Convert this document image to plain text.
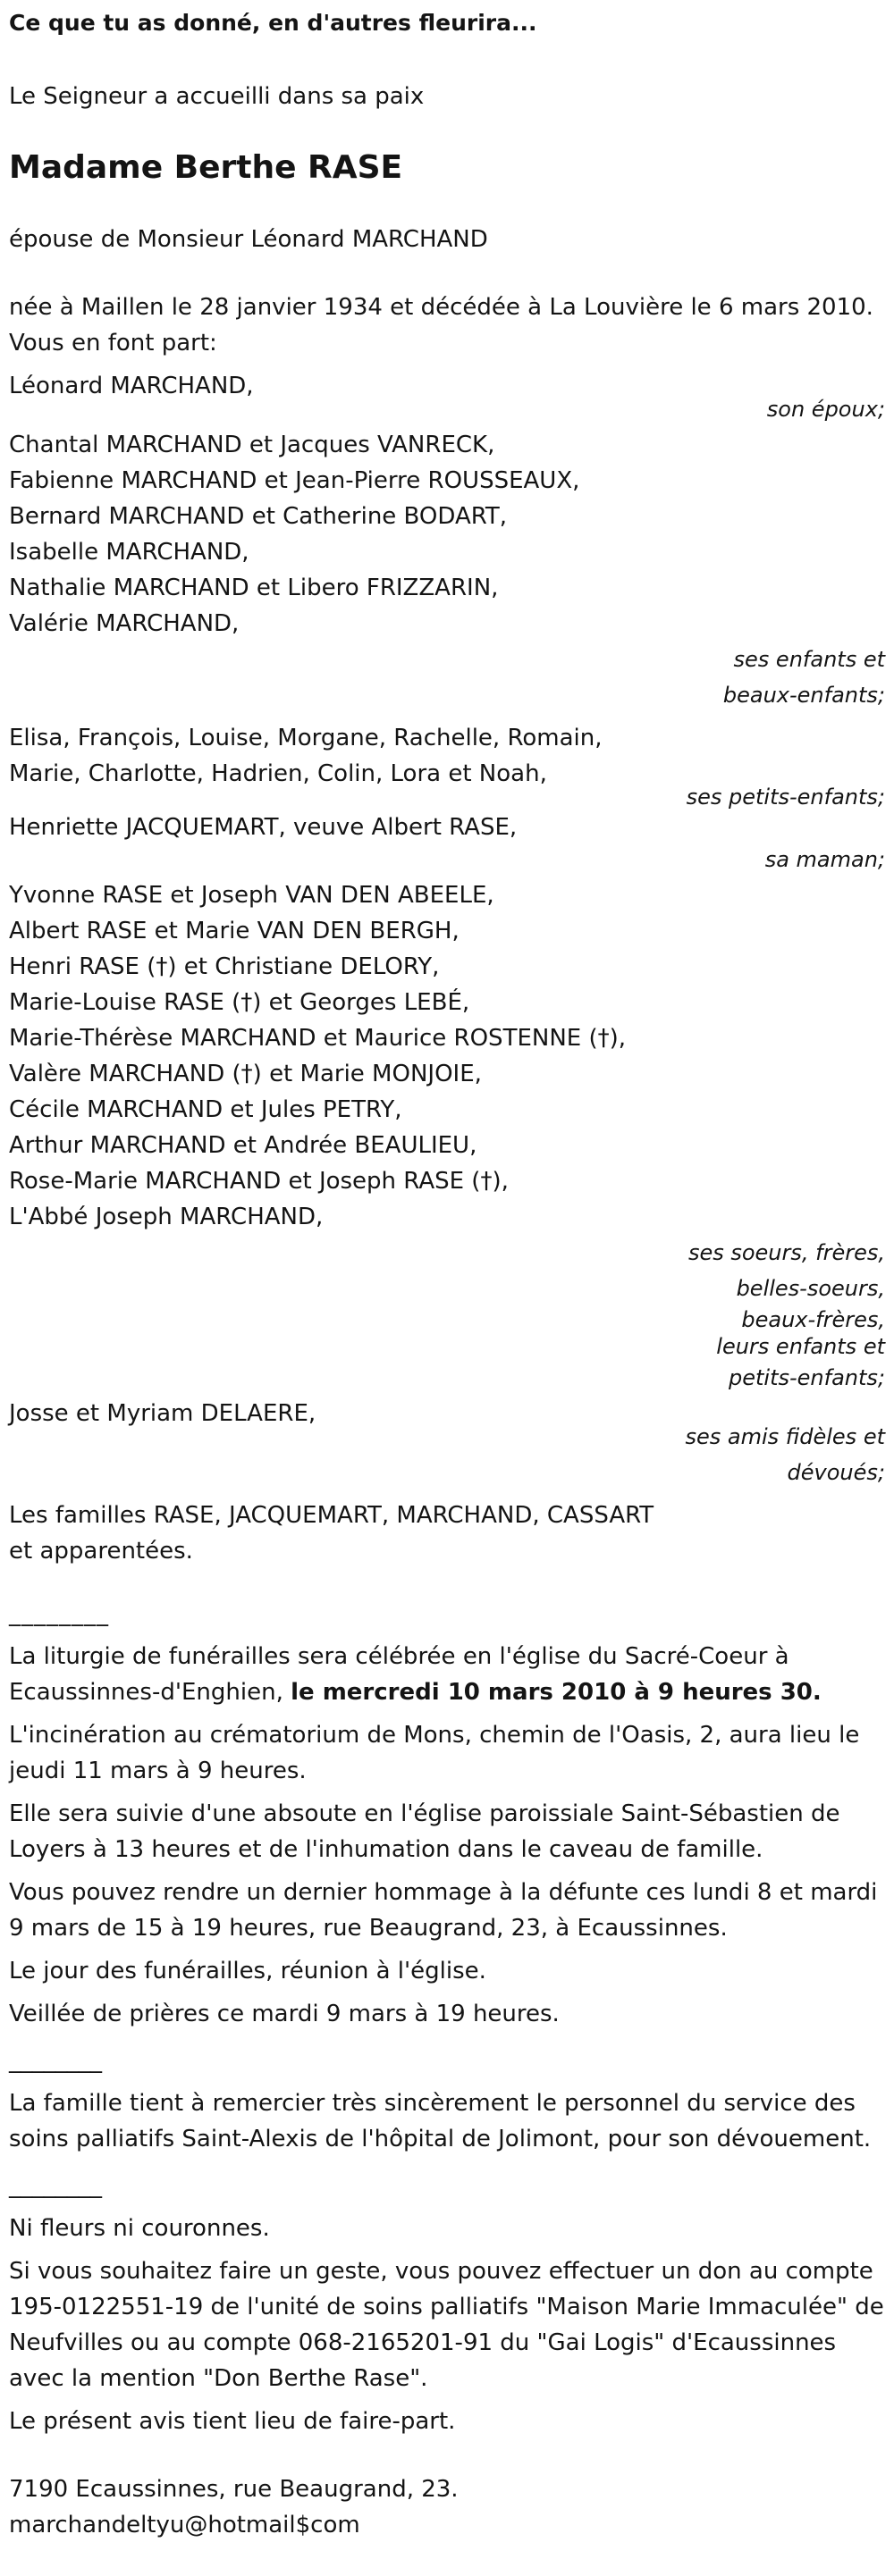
Ce que tu as donné, en d'autres fleurira...

Le Seigneur a accueilli dans sa paix

Madame Berthe RASE

épouse de Monsieur Léonard MARCHAND

née à Maillen le 28 janvier 1934 et décédée à La Louvière le 6 mars 2010.

Vous en font part:

Léonard MARCHAND,

son époux;

Chantal MARCHAND et Jacques VANRECK,

Fabienne MARCHAND et Jean-Pierre ROUSSEAUX,

Bernard MARCHAND et Catherine BODART,

Isabelle MARCHAND,

Nathalie MARCHAND et Libero FRIZZARIN,

Valérie MARCHAND,

ses enfants et

beaux-enfants;

Elisa, François, Louise, Morgane, Rachelle, Romain,

Marie, Charlotte, Hadrien, Colin, Lora et Noah,

ses petits-enfants;

Henriette JACQUEMART, veuve Albert RASE,

sa maman;

Yvonne RASE et Joseph VAN DEN ABEELE,

Albert RASE et Marie VAN DEN BERGH,

Henri RASE (†) et Christiane DELORY,

Marie-Louise RASE (†) et Georges LEBÉ,

Marie-Thérèse MARCHAND et Maurice ROSTENNE (†),

Valère MARCHAND (†) et Marie MONJOIE,

Cécile MARCHAND et Jules PETRY,

Arthur MARCHAND et Andrée BEAULIEU,

Rose-Marie MARCHAND et Joseph RASE (†),

L'Abbé Joseph MARCHAND,

ses soeurs, frères,

belles-soeurs,

beaux-frères,

leurs enfants et

petits-enfants;

Josse et Myriam DELAERE,

ses amis fidèles et

dévoués;

Les familles RASE, JACQUEMART, MARCHAND, CASSART

et apparentées.

________

La liturgie de funérailles sera célébrée en l'église du Sacré-Coeur à Ecaussinnes-d'Enghien, le mercredi 10 mars 2010 à 9 heures 30.

L'incinération au crématorium de Mons, chemin de l'Oasis, 2, aura lieu le jeudi 11 mars à 9 heures.

Elle sera suivie d'une absoute en l'église paroissiale Saint-Sébastien de Loyers à 13 heures et de l'inhumation dans le caveau de famille.

Vous pouvez rendre un dernier hommage à la défunte ces lundi 8 et mardi 9 mars de 15 à 19 heures, rue Beaugrand, 23, à Ecaussinnes.

Le jour des funérailles, réunion à l'église.

Veillée de prières ce mardi 9 mars à 19 heures.

________

La famille tient à remercier très sincèrement le personnel du service des soins palliatifs Saint-Alexis de l'hôpital de Jolimont, pour son dévouement.

________

Ni fleurs ni couronnes.

Si vous souhaitez faire un geste, vous pouvez effectuer un don au compte 195-0122551-19 de l'unité de soins palliatifs "Maison Marie Immaculée" de Neufvilles ou au compte 068-2165201-91 du "Gai Logis" d'Ecaussinnes avec la mention "Don Berthe Rase".

Le présent avis tient lieu de faire-part.

7190 Ecaussinnes, rue Beaugrand, 23.

marchandeltyu@hotmail$com
